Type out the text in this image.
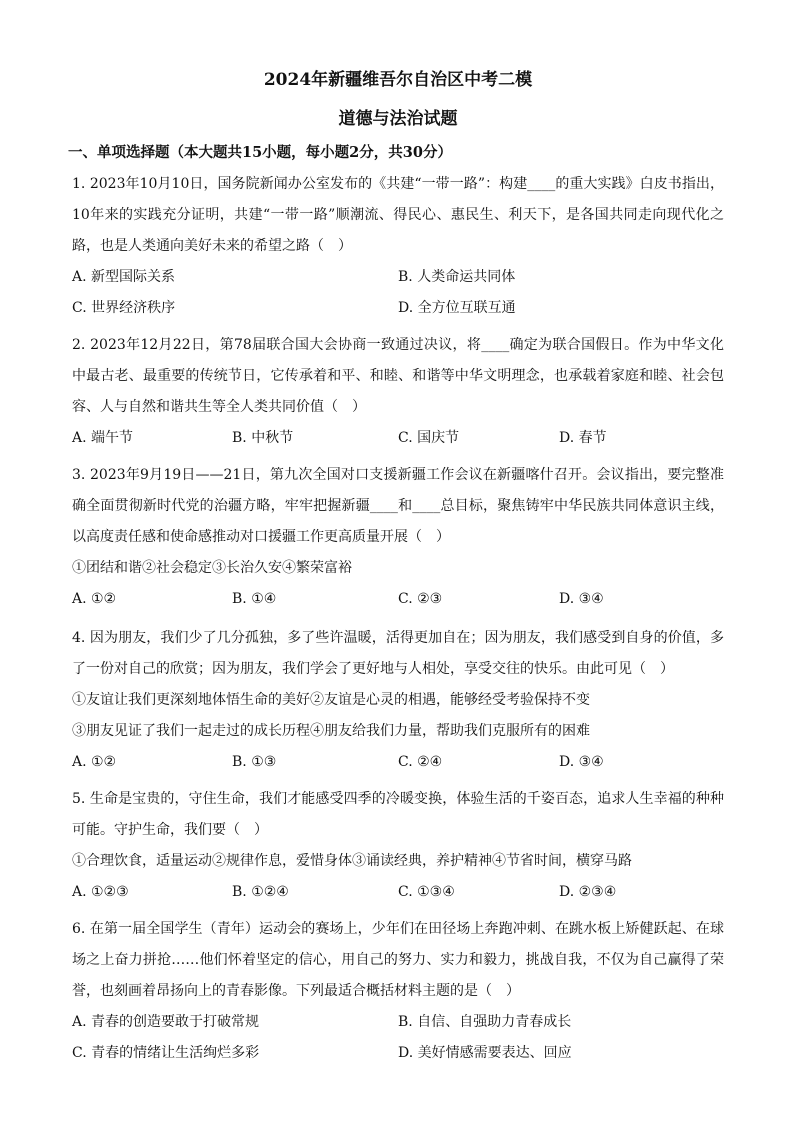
2024年新疆维吾尔自治区中考二模
道德与法治试题
一、单项选择题（本大题共15小题，每小题2分，共30分）

1. 2023年10月10日，国务院新闻办公室发布的《共建“一带一路”：构建____的重大实践》白皮书指出，10年来的实践充分证明，共建“一带一路”顺潮流、得民心、惠民生、利天下，是各国共同走向现代化之路，也是人类通向美好未来的希望之路（　）

A. 新型国际关系	B. 人类命运共同体
C. 世界经济秩序	D. 全方位互联互通

2. 2023年12月22日，第78届联合国大会协商一致通过决议，将____确定为联合国假日。作为中华文化中最古老、最重要的传统节日，它传承着和平、和睦、和谐等中华文明理念，也承载着家庭和睦、社会包容、人与自然和谐共生等全人类共同价值（　）

A. 端午节	B. 中秋节	C. 国庆节	D. 春节

3. 2023年9月19日——21日，第九次全国对口支援新疆工作会议在新疆喀什召开。会议指出，要完整准确全面贯彻新时代党的治疆方略，牢牢把握新疆____和____总目标，聚焦铸牢中华民族共同体意识主线，以高度责任感和使命感推动对口援疆工作更高质量开展（　）

①团结和谐②社会稳定③长治久安④繁荣富裕

A. ①②	B. ①④	C. ②③	D. ③④

4. 因为朋友，我们少了几分孤独，多了些许温暖，活得更加自在；因为朋友，我们感受到自身的价值，多了一份对自己的欣赏；因为朋友，我们学会了更好地与人相处，享受交往的快乐。由此可见（　）

①友谊让我们更深刻地体悟生命的美好②友谊是心灵的相遇，能够经受考验保持不变

③朋友见证了我们一起走过的成长历程④朋友给我们力量，帮助我们克服所有的困难

A. ①②	B. ①③	C. ②④	D. ③④

5. 生命是宝贵的，守住生命，我们才能感受四季的冷暖变换，体验生活的千姿百态，追求人生幸福的种种可能。守护生命，我们要（　）

①合理饮食，适量运动②规律作息，爱惜身体③诵读经典，养护精神④节省时间，横穿马路

A. ①②③	B. ①②④	C. ①③④	D. ②③④

6. 在第一届全国学生（青年）运动会的赛场上，少年们在田径场上奔跑冲刺、在跳水板上矫健跃起、在球场之上奋力拼抢……他们怀着坚定的信心，用自己的努力、实力和毅力，挑战自我，不仅为自己赢得了荣誉，也刻画着昂扬向上的青春影像。下列最适合概括材料主题的是（　）

A. 青春的创造要敢于打破常规	B. 自信、自强助力青春成长
C. 青春的情绪让生活绚烂多彩	D. 美好情感需要表达、回应
